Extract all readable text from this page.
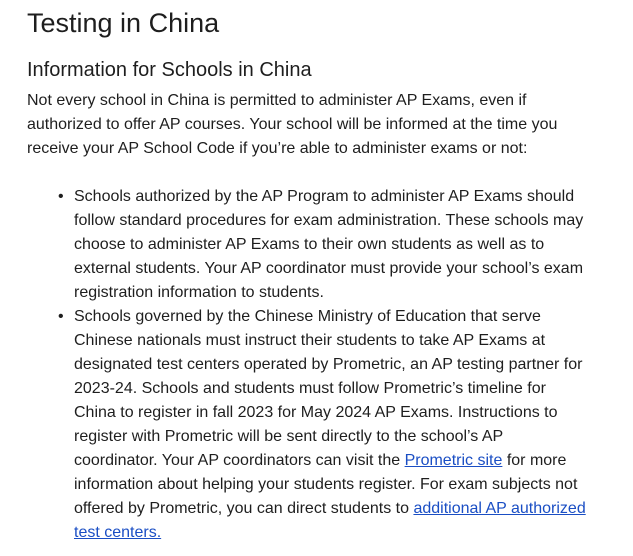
Testing in China
Information for Schools in China

Not every school in China is permitted to administer AP Exams, even if authorized to offer AP courses. Your school will be informed at the time you receive your AP School Code if you’re able to administer exams or not:

• Schools authorized by the AP Program to administer AP Exams should follow standard procedures for exam administration. These schools may choose to administer AP Exams to their own students as well as to external students. Your AP coordinator must provide your school’s exam registration information to students.
• Schools governed by the Chinese Ministry of Education that serve Chinese nationals must instruct their students to take AP Exams at designated test centers operated by Prometric, an AP testing partner for 2023-24. Schools and students must follow Prometric’s timeline for China to register in fall 2023 for May 2024 AP Exams. Instructions to register with Prometric will be sent directly to the school’s AP coordinator. Your AP coordinators can visit the Prometric site for more information about helping your students register. For exam subjects not offered by Prometric, you can direct students to additional AP authorized test centers.
